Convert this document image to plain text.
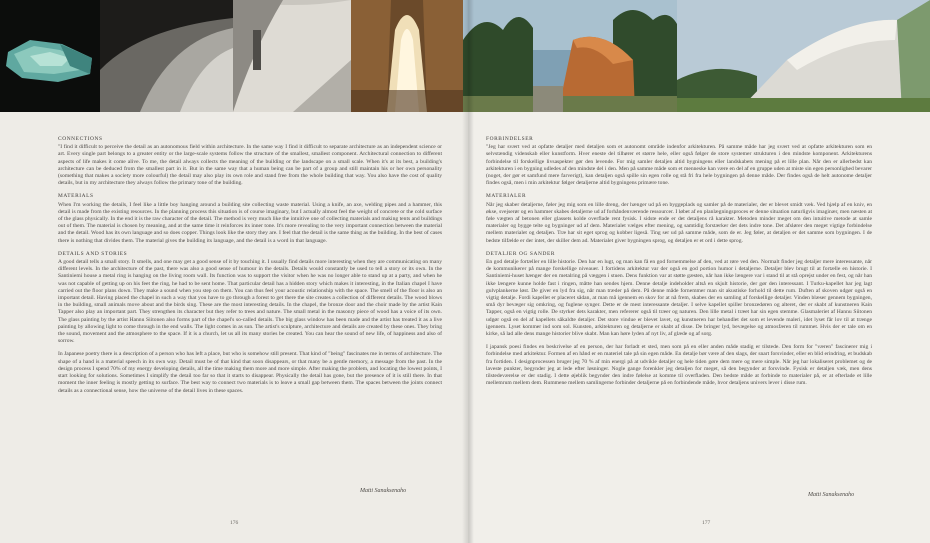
CONNECTIONS

"I find it difficult to perceive the detail as an autonomous field within architecture. In the same way I find it difficult to separate architecture as an independent science or art. Every single part belongs to a greater entity or the large-scale systems follow the structure of the smallest, smallest component. Architectural connection to different aspects of life makes it come alive. To me, the detail always collects the meaning of the building or the landscape on a small scale. When it's at its best, a building's architecture can be deduced from the smallest part in it. But in the same way that a human being can be part of a group and still maintain his or her own personality (something that makes a society more colourful) the detail may also play its own role and stand free from the whole building that way. You also have the cost of quality details, but in my architecture they always follow the primary tone of the building.

MATERIALS

When I'm working the details, I feel like a little boy hanging around a building site collecting waste material. Using a knife, an axe, welding pipes and a hammer, this detail is made from the existing resources. In the planning process this situation is of course imaginary, but I actually almost feel the weight of concrete or the cold surface of the glass physically. In the end it is the raw character of the detail. The method is very much like the intuitive one of collecting materials and making tents and buildings out of them. The material is chosen by meaning, and at the same time it reinforces its inner tone. It's more revealing to the very important connection between the material and the detail. Wood has its own language and so does copper. Things look like the story they are. I feel that the detail is the same thing as the building. In the best of cases there is nothing that divides them. The material gives the building its language, and the detail is a word in that language.

DETAILS AND STORIES

A good detail tells a small story. It smells, and one may get a good sense of it by touching it. I usually find details more interesting when they are communicating on many different levels. In the architecture of the past, there was also a good sense of humour in the details. Details would constantly be used to tell a story or its own. In the Santiniemi house a metal ring is hanging on the living room wall. Its function was to support the visitor when he was no longer able to stand up at a party, and when he was not capable of getting up on his feet the ring, he had to be sent home. That particular detail has a hidden story which makes it interesting, in the Italian chapel I have carried out the floor plans down. They make a sound when you step on them. You can thus feel your acoustic relationship with the space. The smell of the floor is also an important detail. Having placed the chapel in such a way that you have to go through a forest to get there the site creates a collection of different details. The wood blows in the building, small animals move about and the birds sing. These are the most interesting details. In the chapel, the bronze door and the choir made by the artist Kain Tapper also play an important part. They strengthen its character but they refer to trees and nature. The small metal in the masonry piece of wood has a voice of its own. The glass painting by the artist Hannu Siitonen also forms part of the chapel's so-called details. The big glass window has been made and the artist has treated it as a live painting by allowing light to come through in the end walls. The light comes in as sun. The artist's sculpture, architecture and details are created by these ones. They bring the sound, movement and the atmosphere to the space. If it is a church, let us all its many stories be created. You can hear the sound of new life, of happiness and also of sorrow.

In Japanese poetry there is a description of a person who has left a place, but who is somehow still present. That kind of "being" fascinates me in terms of architecture. The shape of a hand is a material speech in its own way. Detail must be of that kind that soon disappears, or that many be a gentle memory, a message from the past. In the design process I spend 70% of my energy developing details, all the time making them more and more simple. After making the problem, and locating the lowest points, I start looking for solutions. Sometimes I simplify the detail too far so that it starts to disappear. Physically the detail has gone, but the presence of it is still there. In that moment the inner feeling is mostly getting to surface. The best way to connect two materials is to leave a small gap between them. The spaces between the joints connect details as a connectional sense, how the universe of the detail lives in these spaces.

Matti Sanaksenaho
176
FORBINDELSER

"Jeg har svært ved at opfatte detaljer med detaljen som et autonomt område indenfor arkitekturen. På samme måde har jeg svært ved at opfatte arkitekturen som en selvstændig videnskab eller kunstform. Hver eneste del tilhører et større hele, eller også følger de store systemer strukturen i den mindste komponent. Arkitekturens forbindelse til forskellige livsaspekter gør den levende. For mig samler detaljen altid bygningens eller landskabets mening på et lille plan. Når den er allerbedst kan arkitekturen i en bygning udledes af den mindste del i den. Men på samme måde som et menneske kan være en del af en gruppe uden at miste sin egen personlighed bevarer (noget, der gør et samfund mere farverigt), kan detaljen også spille sin egen rolle og stå fri fra hele bygningen på denne måde. Der findes også de helt autonome detaljer findes også, men i min arkitektur følger detaljerne altid bygningens primære tone.

MATERIALER

Når jeg skaber detaljerne, føler jeg mig som en lille dreng, der hænger ud på en byggeplads og samler på de materialer, der er blevet smidt væk. Ved hjælp af en kniv, en økse, svejserør og en hammer skabes detaljerne ud af forhåndenværende ressourcer. I løbet af en planlægningsproces er denne situation naturligvis imaginær, men næsten at føle vægten af betonen eller glassets kolde overflade rent fysisk. I sidste ende er det detaljens rå karakter. Metoden minder meget om den intuitive metode at samle materialer og bygge telte og bygninger ud af dem. Materialet vælges efter mening, og samtidig forstærker det dets indre tone. Det afslører den meget vigtige forbindelse mellem materialet og detaljen. Træ har sit eget sprog og kobber ligeså. Ting ser ud på samme måde, som de er. Jeg føler, at detaljen er det samme som bygningen. I de bedste tilfælde er der intet, der skiller dem ad. Materialet giver bygningen sprog, og detaljen er et ord i dette sprog.

DETALJER OG SANDER

En god detalje fortæller en lille historie. Den har en lugt, og man kan få en god fornemmelse af den, ved at røre ved den. Normalt finder jeg detaljer mere interessante, når de kommunikerer på mange forskellige niveauer. I fortidens arkitektur var der også en god portion humor i detaljerne. Detaljer blev brugt til at fortælle en historie. I Santiniemi-huset hænger der en metalring på væggen i stuen. Dens funktion var at støtte gæsten, når han ikke længere var i stand til at stå oprejst under en fest, og når han ikke længere kunne holde fast i ringen, måtte han sendes hjem. Denne detalje indeholder altså en skjult historie, der gør den interessant. I Turku-kapellet har jeg lagt gulvplankerne løst. De giver en lyd fra sig, når man træder på dem. På denne måde fornemmer man sit akustiske forhold til dette rum. Duften af skoven udgør også en vigtig detalje. Fordi kapellet er placeret sådan, at man må igennem en skov for at nå frem, skabes der en samling af forskellige detaljer. Vinden blæser gennem bygningen, små dyr bevæger sig omkring, og fuglene synger. Dette er de mest interessante detaljer. I selve kapellet spiller bronzedøren og alteret, der er skabt af kunstneren Kain Tapper, også en vigtig rolle. De styrker dets karakter, men refererer også til træer og naturen. Den lille metal i træet har sin egen stemme. Glasmaleriet af Hannu Siitonen udgør også en del af kapellets såkaldte detaljer. Det store vindue er blevet lavet, og kunstneren har behandlet det som et levende maleri, idet lyset får lov til at trænge igennem. Lyset kommer ind som sol. Kunsten, arkitekturen og detaljerne er skabt af disse. De bringer lyd, bevægelse og atmosfæren til rummet. Hvis der er tale om en kirke, så lad alle dens mange historier blive skabt. Man kan høre lyden af nyt liv, af glæde og af sorg.

I japansk poesi findes en beskrivelse af en person, der har forladt et sted, men som på en eller anden måde stadig er tilstede. Den form for "væren" fascinerer mig i forbindelse med arkitektur. Formen af en hånd er en materiel tale på sin egen måde. En detalje bør være af den slags, der snart forsvinder, eller en blid erindring, et budskab fra fortiden. I designprocessen bruger jeg 70 % af min energi på at udvikle detaljer og hele tiden gøre dem mere og mere simple. Når jeg har lokaliseret problemet og de laveste punkter, begynder jeg at lede efter løsninger. Nogle gange forenkler jeg detaljen for meget, så den begynder at forsvinde. Fysisk er detaljen væk, men dens tilstedeværelse er der stadig. I dette øjeblik begynder den indre følelse at komme til overfladen. Den bedste måde at forbinde to materialer på, er at efterlade et lille mellemrum mellem dem. Rummene mellem samlingerne forbinder detaljerne på en forbindende måde, hvor detaljens univers lever i disse rum.

Matti Sanaksenaho
177
